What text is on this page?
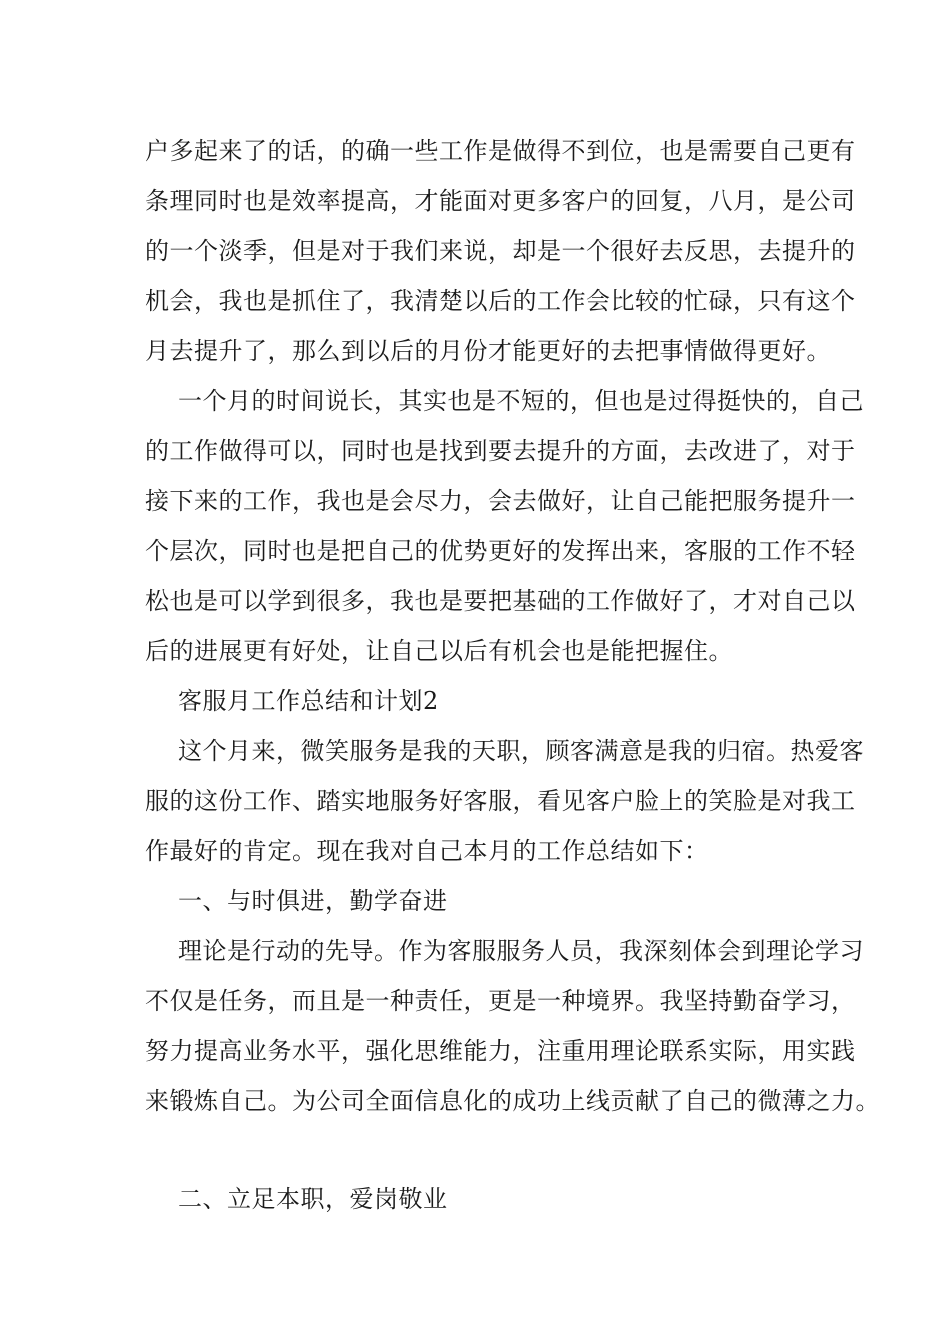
户多起来了的话，的确一些工作是做得不到位，也是需要自己更有
条理同时也是效率提高，才能面对更多客户的回复，八月，是公司
的一个淡季，但是对于我们来说，却是一个很好去反思，去提升的
机会，我也是抓住了，我清楚以后的工作会比较的忙碌，只有这个
月去提升了，那么到以后的月份才能更好的去把事情做得更好。
一个月的时间说长，其实也是不短的，但也是过得挺快的，自己
的工作做得可以，同时也是找到要去提升的方面，去改进了，对于
接下来的工作，我也是会尽力，会去做好，让自己能把服务提升一
个层次，同时也是把自己的优势更好的发挥出来，客服的工作不轻
松也是可以学到很多，我也是要把基础的工作做好了，才对自己以
后的进展更有好处，让自己以后有机会也是能把握住。
客服月工作总结和计划2
这个月来，微笑服务是我的天职，顾客满意是我的归宿。热爱客
服的这份工作、踏实地服务好客服，看见客户脸上的笑脸是对我工
作最好的肯定。现在我对自己本月的工作总结如下：
一、与时俱进，勤学奋进
理论是行动的先导。作为客服服务人员，我深刻体会到理论学习
不仅是任务，而且是一种责任，更是一种境界。我坚持勤奋学习，
努力提高业务水平，强化思维能力，注重用理论联系实际，用实践
来锻炼自己。为公司全面信息化的成功上线贡献了自己的微薄之力。
二、立足本职，爱岗敬业
